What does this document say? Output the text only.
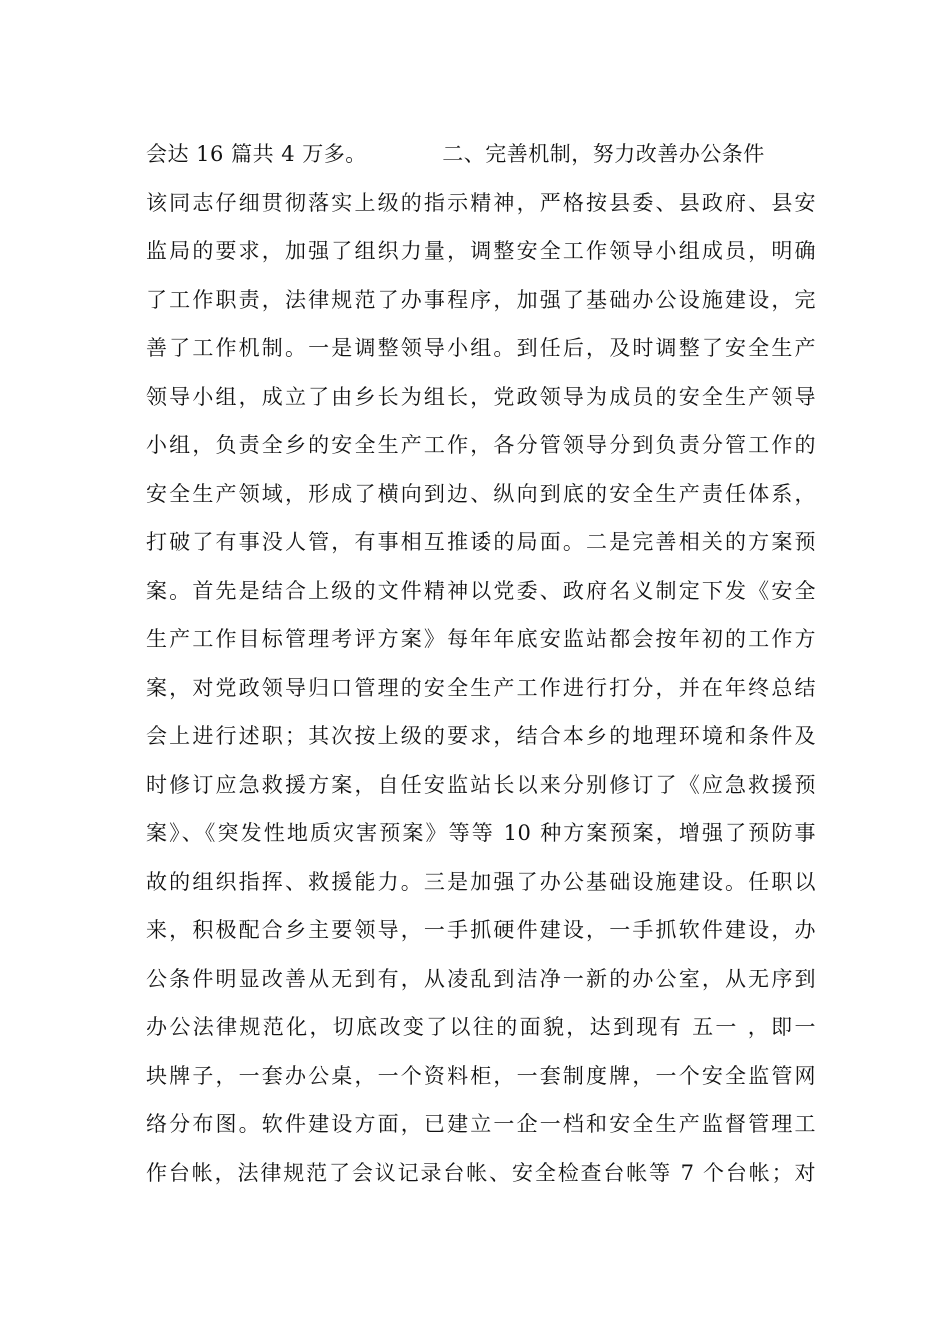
会达 16 篇共 4 万多。　　　　二、完善机制，努力改善办公条件
该同志仔细贯彻落实上级的指示精神，严格按县委、县政府、县安
监局的要求，加强了组织力量，调整安全工作领导小组成员，明确
了工作职责，法律规范了办事程序，加强了基础办公设施建设，完
善了工作机制。一是调整领导小组。到任后，及时调整了安全生产
领导小组，成立了由乡长为组长，党政领导为成员的安全生产领导
小组，负责全乡的安全生产工作，各分管领导分到负责分管工作的
安全生产领域，形成了横向到边、纵向到底的安全生产责任体系，
打破了有事没人管，有事相互推诿的局面。二是完善相关的方案预
案。首先是结合上级的文件精神以党委、政府名义制定下发《安全
生产工作目标管理考评方案》每年年底安监站都会按年初的工作方
案，对党政领导归口管理的安全生产工作进行打分，并在年终总结
会上进行述职；其次按上级的要求，结合本乡的地理环境和条件及
时修订应急救援方案，自任安监站长以来分别修订了《应急救援预
案》、《突发性地质灾害预案》等等 10 种方案预案，增强了预防事
故的组织指挥、救援能力。三是加强了办公基础设施建设。任职以
来，积极配合乡主要领导，一手抓硬件建设，一手抓软件建设，办
公条件明显改善从无到有，从凌乱到洁净一新的办公室，从无序到
办公法律规范化，切底改变了以往的面貌，达到现有 五一 ，即一
块牌子，一套办公桌，一个资料柜，一套制度牌，一个安全监管网
络分布图。软件建设方面，已建立一企一档和安全生产监督管理工
作台帐，法律规范了会议记录台帐、安全检查台帐等 7 个台帐；对
